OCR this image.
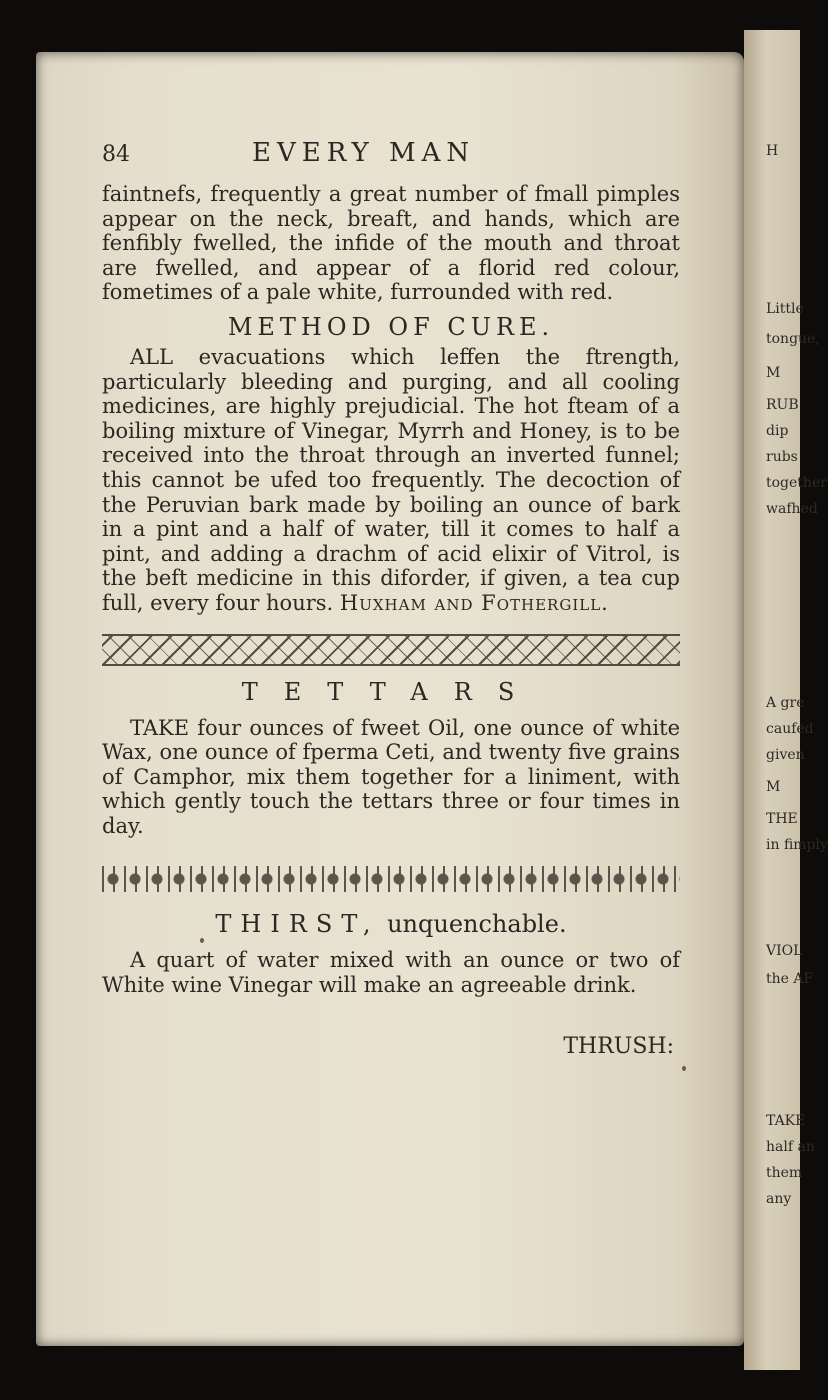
H
Little
tongue,
M
RUB
dip
rubs
together
wafhed
A gre
caufed
given
M
THE
in fimply
VIOL
the AF
TAKE
half an
them
any
84	EVERY MAN

faintnefs, frequently a great number of fmall pimples appear on the neck, breaft, and hands, which are fenfibly fwelled, the infide of the mouth and throat are fwelled, and appear of a florid red colour, fometimes of a pale white, furrounded with red.

METHOD OF CURE.

ALL evacuations which leffen the ftrength, particularly bleeding and purging, and all cooling medicines, are highly prejudicial. The hot fteam of a boiling mixture of Vinegar, Myrrh and Honey, is to be received into the throat through an inverted funnel; this cannot be ufed too frequently. The decoction of the Peruvian bark made by boiling an ounce of bark in a pint and a half of water, till it comes to half a pint, and adding a drachm of acid elixir of Vitrol, is the beft medicine in this diforder, if given, a tea cup full, every four hours. Huxham and Fothergill.

TETTARS

TAKE four ounces of fweet Oil, one ounce of white Wax, one ounce of fperma Ceti, and twenty five grains of Camphor, mix them together for a liniment, with which gently touch the tettars three or four times in day.

THIRST, unquenchable.

A quart of water mixed with an ounce or two of White wine Vinegar will make an agreeable drink.

THRUSH:
